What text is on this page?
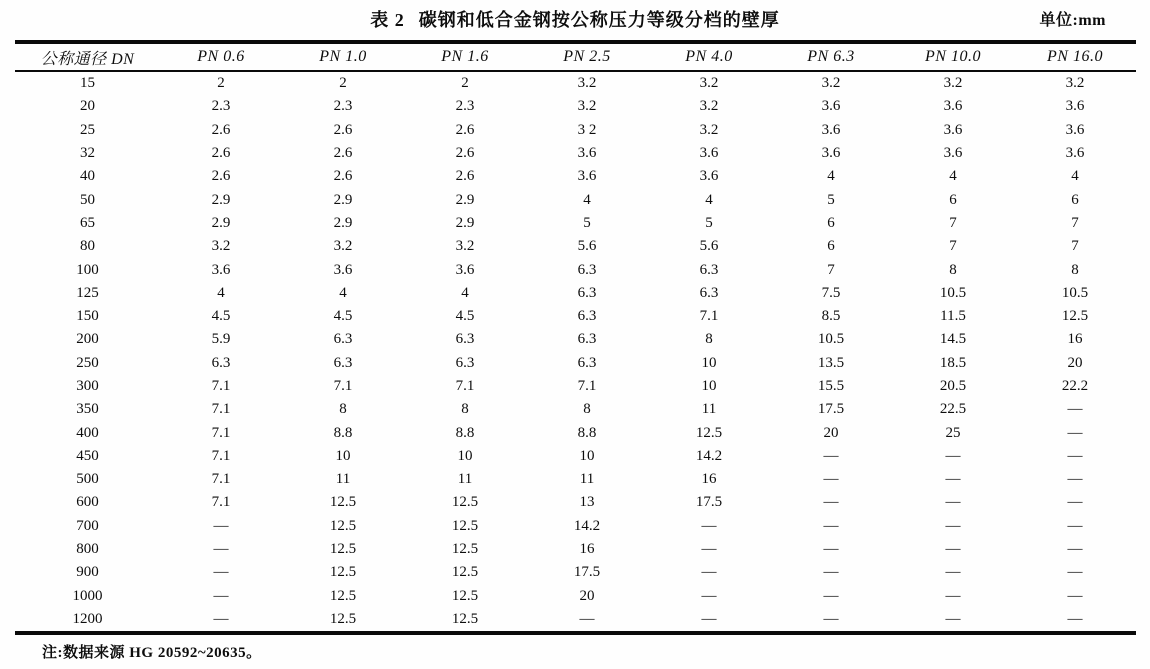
表 2 碳钢和低合金钢按公称压力等级分档的壁厚	单位:mm
公称通径 DN	PN 0.6	PN 1.0	PN 1.6	PN 2.5	PN 4.0	PN 6.3	PN 10.0	PN 16.0
15	2	2	2	3.2	3.2	3.2	3.2	3.2
20	2.3	2.3	2.3	3.2	3.2	3.6	3.6	3.6
25	2.6	2.6	2.6	3 2	3.2	3.6	3.6	3.6
32	2.6	2.6	2.6	3.6	3.6	3.6	3.6	3.6
40	2.6	2.6	2.6	3.6	3.6	4	4	4
50	2.9	2.9	2.9	4	4	5	6	6
65	2.9	2.9	2.9	5	5	6	7	7
80	3.2	3.2	3.2	5.6	5.6	6	7	7
100	3.6	3.6	3.6	6.3	6.3	7	8	8
125	4	4	4	6.3	6.3	7.5	10.5	10.5
150	4.5	4.5	4.5	6.3	7.1	8.5	11.5	12.5
200	5.9	6.3	6.3	6.3	8	10.5	14.5	16
250	6.3	6.3	6.3	6.3	10	13.5	18.5	20
300	7.1	7.1	7.1	7.1	10	15.5	20.5	22.2
350	7.1	8	8	8	11	17.5	22.5	—
400	7.1	8.8	8.8	8.8	12.5	20	25	—
450	7.1	10	10	10	14.2	—	—	—
500	7.1	11	11	11	16	—	—	—
600	7.1	12.5	12.5	13	17.5	—	—	—
700	—	12.5	12.5	14.2	—	—	—	—
800	—	12.5	12.5	16	—	—	—	—
900	—	12.5	12.5	17.5	—	—	—	—
1000	—	12.5	12.5	20	—	—	—	—
1200	—	12.5	12.5	—	—	—	—	—
注:数据来源 HG 20592~20635。
